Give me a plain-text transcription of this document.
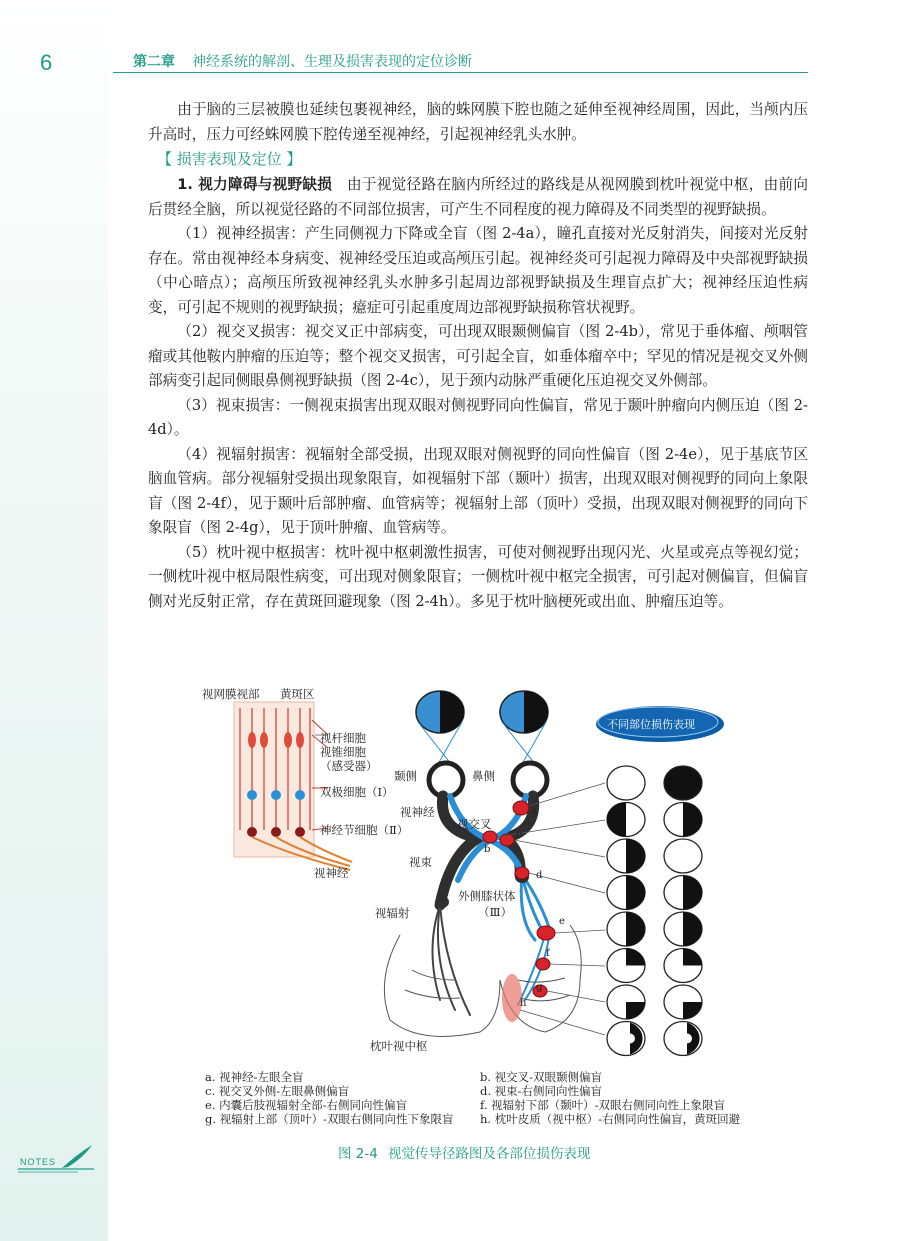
6	第二章 神经系统的解剖、生理及损害表现的定位诊断

由于脑的三层被膜也延续包裹视神经，脑的蛛网膜下腔也随之延伸至视神经周围，因此，当颅内压升高时，压力可经蛛网膜下腔传递至视神经，引起视神经乳头水肿。

1. 视力障碍与视野缺损　 由于视觉径路在脑内所经过的路线是从视网膜到枕叶视觉中枢，由前向后贯经全脑，所以视觉径路的不同部位损害，可产生不同程度的视力障碍及不同类型的视野缺损。

（1）视神经损害：产生同侧视力下降或全盲（图 2-4a），瞳孔直接对光反射消失，间接对光反射存在。常由视神经本身病变、视神经受压迫或高颅压引起。视神经炎可引起视力障碍及中央部视野缺损（中心暗点）；高颅压所致视神经乳头水肿多引起周边部视野缺损及生理盲点扩大；视神经压迫性病变，可引起不规则的视野缺损；癔症可引起重度周边部视野缺损称管状视野。

（2）视交叉损害：视交叉正中部病变，可出现双眼颞侧偏盲（图 2-4b），常见于垂体瘤、颅咽管瘤或其他鞍内肿瘤的压迫等；整个视交叉损害，可引起全盲，如垂体瘤卒中；罕见的情况是视交叉外侧部病变引起同侧眼鼻侧视野缺损（图 2-4c），见于颈内动脉严重硬化压迫视交叉外侧部。

（3）视束损害：一侧视束损害出现双眼对侧视野同向性偏盲，常见于颞叶肿瘤向内侧压迫（图 2-4d）。

（4）视辐射损害：视辐射全部受损，出现双眼对侧视野的同向性偏盲（图 2-4e），见于基底节区脑血管病。部分视辐射受损出现象限盲，如视辐射下部（颞叶）损害，出现双眼对侧视野的同向上象限盲（图 2-4f），见于颞叶后部肿瘤、血管病等；视辐射上部（顶叶）受损，出现双眼对侧视野的同向下象限盲（图 2-4g），见于顶叶肿瘤、血管病等。

（5）枕叶视中枢损害：枕叶视中枢刺激性损害，可使对侧视野出现闪光、火星或亮点等视幻觉；一侧枕叶视中枢局限性病变，可出现对侧象限盲；一侧枕叶视中枢完全损害，可引起对侧偏盲，但偏盲侧对光反射正常，存在黄斑回避现象（图 2-4h）。多见于枕叶脑梗死或出血、肿瘤压迫等。

【 损害表现及定位 】
视网膜视部 黄斑区
视杆细胞
视锥细胞
（感受器）
双极细胞（Ⅰ）
神经节细胞（Ⅱ）
视神经
颞侧	鼻侧
视神经
视交叉
视束
外侧膝状体
（Ⅲ）
视辐射
枕叶视中枢
不同部位损伤表现
a
b
c
d
e
f
g
h
a. 视神经-左眼全盲	b. 视交叉-双眼颞侧偏盲
c. 视交叉外侧-左眼鼻侧偏盲	d. 视束-右侧同向性偏盲
e. 内囊后肢视辐射全部-右侧同向性偏盲	f. 视辐射下部（颞叶）-双眼右侧同向性上象限盲
g. 视辐射上部（顶叶）-双眼右侧同向性下象限盲 h. 枕叶皮质（视中枢）-右侧同向性偏盲，黄斑回避
图 2-4 视觉传导径路图及各部位损伤表现
NOTES
